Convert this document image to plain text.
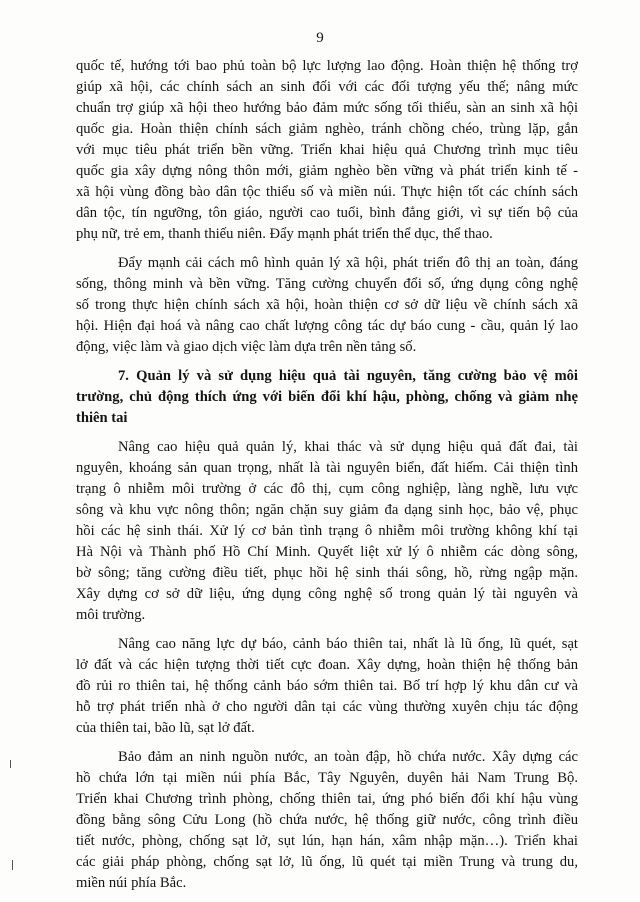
9

quốc tế, hướng tới bao phủ toàn bộ lực lượng lao động. Hoàn thiện hệ thống trợ
giúp xã hội, các chính sách an sinh đối với các đối tượng yếu thế; nâng mức
chuẩn trợ giúp xã hội theo hướng bảo đảm mức sống tối thiểu, sàn an sinh xã hội
quốc gia. Hoàn thiện chính sách giảm nghèo, tránh chồng chéo, trùng lặp, gắn
với mục tiêu phát triển bền vững. Triển khai hiệu quả Chương trình mục tiêu
quốc gia xây dựng nông thôn mới, giảm nghèo bền vững và phát triển kinh tế -
xã hội vùng đồng bào dân tộc thiểu số và miền núi. Thực hiện tốt các chính sách
dân tộc, tín ngưỡng, tôn giáo, người cao tuổi, bình đẳng giới, vì sự tiến bộ của
phụ nữ, trẻ em, thanh thiếu niên. Đẩy mạnh phát triển thể dục, thể thao.

Đẩy mạnh cải cách mô hình quản lý xã hội, phát triển đô thị an toàn, đáng
sống, thông minh và bền vững. Tăng cường chuyển đổi số, ứng dụng công nghệ
số trong thực hiện chính sách xã hội, hoàn thiện cơ sở dữ liệu về chính sách xã
hội. Hiện đại hoá và nâng cao chất lượng công tác dự báo cung - cầu, quản lý lao
động, việc làm và giao dịch việc làm dựa trên nền tảng số.

7. Quản lý và sử dụng hiệu quả tài nguyên, tăng cường bảo vệ môi
trường, chủ động thích ứng với biến đổi khí hậu, phòng, chống và giảm nhẹ
thiên tai

Nâng cao hiệu quả quản lý, khai thác và sử dụng hiệu quả đất đai, tài
nguyên, khoáng sản quan trọng, nhất là tài nguyên biển, đất hiếm. Cải thiện tình
trạng ô nhiễm môi trường ở các đô thị, cụm công nghiệp, làng nghề, lưu vực
sông và khu vực nông thôn; ngăn chặn suy giảm đa dạng sinh học, bảo vệ, phục
hồi các hệ sinh thái. Xử lý cơ bản tình trạng ô nhiễm môi trường không khí tại
Hà Nội và Thành phố Hồ Chí Minh. Quyết liệt xử lý ô nhiễm các dòng sông,
bờ sông; tăng cường điều tiết, phục hồi hệ sinh thái sông, hồ, rừng ngập mặn.
Xây dựng cơ sở dữ liệu, ứng dụng công nghệ số trong quản lý tài nguyên và
môi trường.

Nâng cao năng lực dự báo, cảnh báo thiên tai, nhất là lũ ống, lũ quét, sạt
lở đất và các hiện tượng thời tiết cực đoan. Xây dựng, hoàn thiện hệ thống bản
đồ rủi ro thiên tai, hệ thống cảnh báo sớm thiên tai. Bố trí hợp lý khu dân cư và
hỗ trợ phát triển nhà ở cho người dân tại các vùng thường xuyên chịu tác động
của thiên tai, bão lũ, sạt lở đất.

Bảo đảm an ninh nguồn nước, an toàn đập, hồ chứa nước. Xây dựng các
hồ chứa lớn tại miền núi phía Bắc, Tây Nguyên, duyên hải Nam Trung Bộ.
Triển khai Chương trình phòng, chống thiên tai, ứng phó biến đổi khí hậu vùng
đồng bằng sông Cửu Long (hồ chứa nước, hệ thống giữ nước, công trình điều
tiết nước, phòng, chống sạt lở, sụt lún, hạn hán, xâm nhập mặn…). Triển khai
các giải pháp phòng, chống sạt lở, lũ ống, lũ quét tại miền Trung và trung du,
miền núi phía Bắc.
